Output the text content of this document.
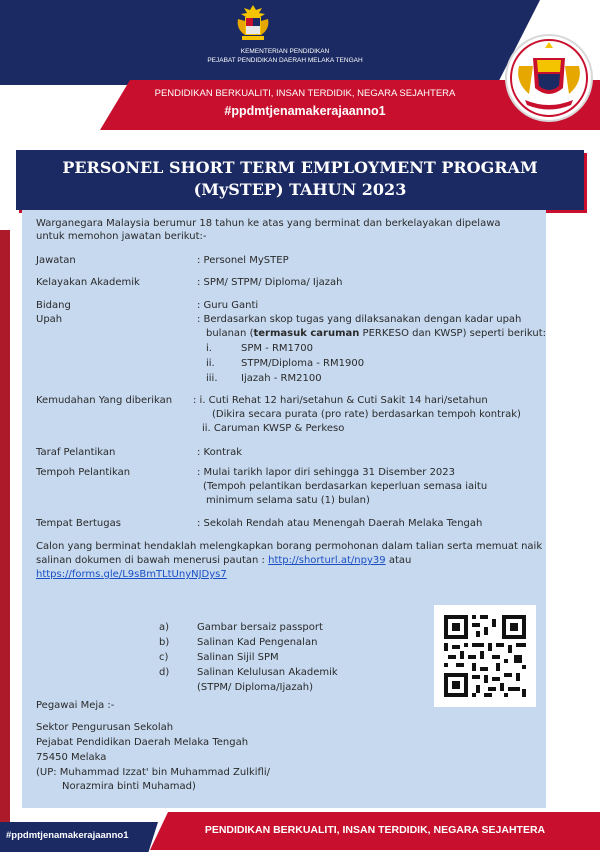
KEMENTERIAN PENDIDIKAN
PEJABAT PENDIDIKAN DAERAH MELAKA TENGAH
PENDIDIKAN BERKUALITI, INSAN TERDIDIK, NEGARA SEJAHTERA
#ppdmtjenamakerajaanno1
PERSONEL SHORT TERM EMPLOYMENT PROGRAM
(MySTEP) TAHUN 2023
Warganegara Malaysia berumur 18 tahun ke atas yang berminat dan berkelayakan dipelawa untuk memohon jawatan berikut:-
Jawatan	: Personel MySTEP
Kelayakan Akademik	: SPM/ STPM/ Diploma/ Ijazah
Bidang	: Guru Ganti
Upah	: Berdasarkan skop tugas yang dilaksanakan dengan kadar upah
bulanan (termasuk caruman PERKESO dan KWSP) seperti berikut:
i.	SPM - RM1700
ii.	STPM/Diploma - RM1900
iii. Ijazah - RM2100
Kemudahan Yang diberikan : i. Cuti Rehat 12 hari/setahun & Cuti Sakit 14 hari/setahun
(Dikira secara purata (pro rate) berdasarkan tempoh kontrak)
ii. Caruman KWSP & Perkeso
Taraf Pelantikan	: Kontrak
Tempoh Pelantikan	: Mulai tarikh lapor diri sehingga 31 Disember 2023
(Tempoh pelantikan berdasarkan keperluan semasa iaitu
minimum selama satu (1) bulan)
Tempat Bertugas	: Sekolah Rendah atau Menengah Daerah Melaka Tengah
Calon yang berminat hendaklah melengkapkan borang permohonan dalam talian serta memuat naik
salinan dokumen di bawah menerusi pautan : http://shorturl.at/npy39 atau
https://forms.gle/L9sBmTLtUnyNJDys7
a)	Gambar bersaiz passport
b)	Salinan Kad Pengenalan
c)	Salinan Sijil SPM
d)	Salinan Kelulusan Akademik
(STPM/ Diploma/Ijazah)
Pegawai Meja :-
Sektor Pengurusan Sekolah
Pejabat Pendidikan Daerah Melaka Tengah
75450 Melaka
(UP: Muhammad Izzat' bin Muhammad Zulkifli/
Norazmira binti Muhamad)
#ppdmtjenamakerajaanno1	PENDIDIKAN BERKUALITI, INSAN TERDIDIK, NEGARA SEJAHTERA
